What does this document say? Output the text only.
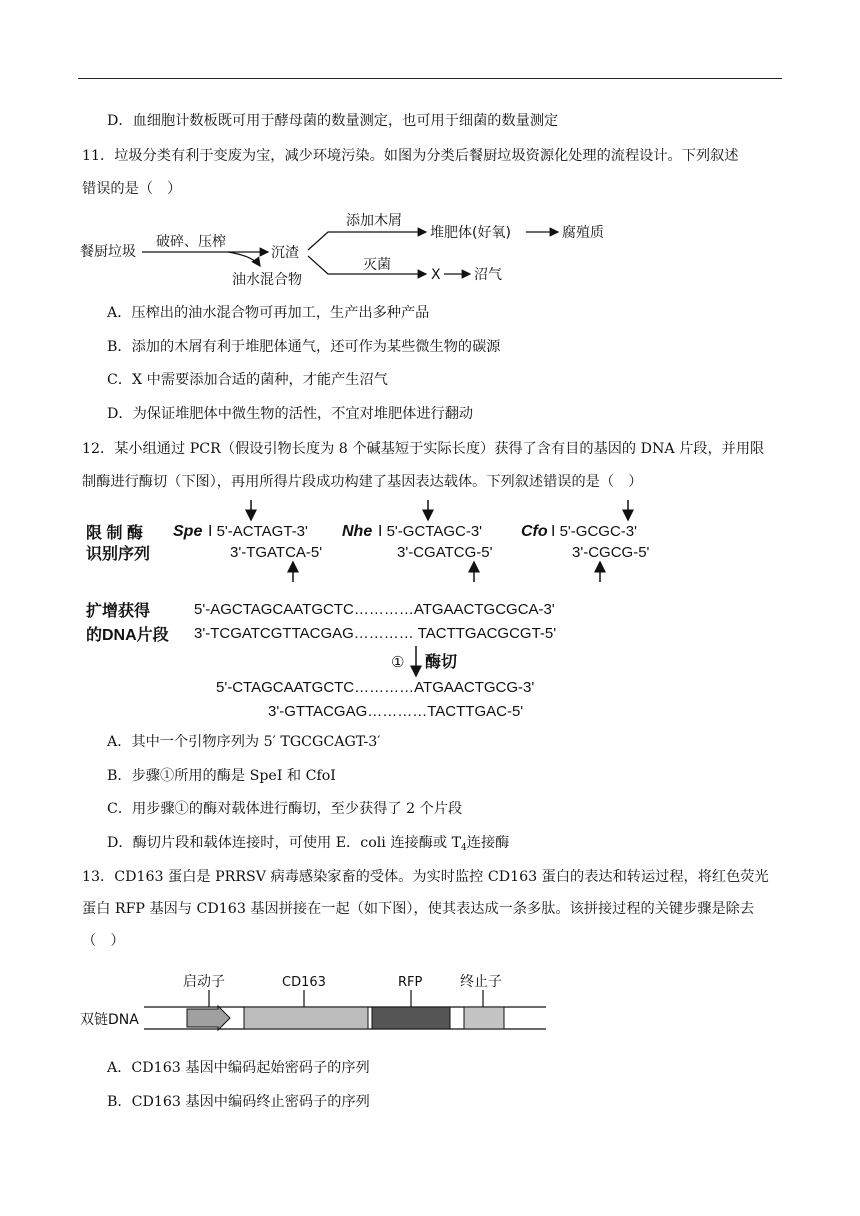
D．血细胞计数板既可用于酵母菌的数量测定，也可用于细菌的数量测定
11．垃圾分类有利于变废为宝，减少环境污染。如图为分类后餐厨垃圾资源化处理的流程设计。下列叙述
错误的是（　）
餐厨垃圾
破碎、压榨
沉渣
油水混合物
添加木屑
灭菌
堆肥体(好氧)	腐殖质
X 沼气
A．压榨出的油水混合物可再加工，生产出多种产品
B．添加的木屑有利于堆肥体通气，还可作为某些微生物的碳源
C．X 中需要添加合适的菌种，才能产生沼气
D．为保证堆肥体中微生物的活性，不宜对堆肥体进行翻动
12．某小组通过 PCR（假设引物长度为 8 个碱基短于实际长度）获得了含有目的基因的 DNA 片段，并用限
制酶进行酶切（下图），再用所得片段成功构建了基因表达载体。下列叙述错误的是（　）
限 制 酶
识别序列
Spe Ⅰ 5'-ACTAGT-3'
3'-TGATCA-5'
Nhe Ⅰ 5'-GCTAGC-3'
3'-CGATCG-5'
Cfo Ⅰ 5'-GCGC-3'
3'-CGCG-5'
扩增获得
的DNA片段
5'-AGCTAGCAATGCTC…………ATGAACTGCGCA-3'
3'-TCGATCGTTACGAG………… TACTTGACGCGT-5'
① 酶切
5'-CTAGCAATGCTC…………ATGAACTGCG-3'
3'-GTTACGAG…………TACTTGAC-5'
A．其中一个引物序列为 5′ TGCGCAGT-3′
B．步骤①所用的酶是 SpeI 和 CfoI
C．用步骤①的酶对载体进行酶切，至少获得了 2 个片段
D．酶切片段和载体连接时，可使用 E．coli 连接酶或 $T_4$连接酶
13．CD163 蛋白是 PRRSV 病毒感染家畜的受体。为实时监控 CD163 蛋白的表达和转运过程，将红色荧光
蛋白 RFP 基因与 CD163 基因拼接在一起（如下图），使其表达成一条多肽。该拼接过程的关键步骤是除去
（　）
启动子	CD163	RFP	终止子
双链DNA
A．CD163 基因中编码起始密码子的序列
B．CD163 基因中编码终止密码子的序列
